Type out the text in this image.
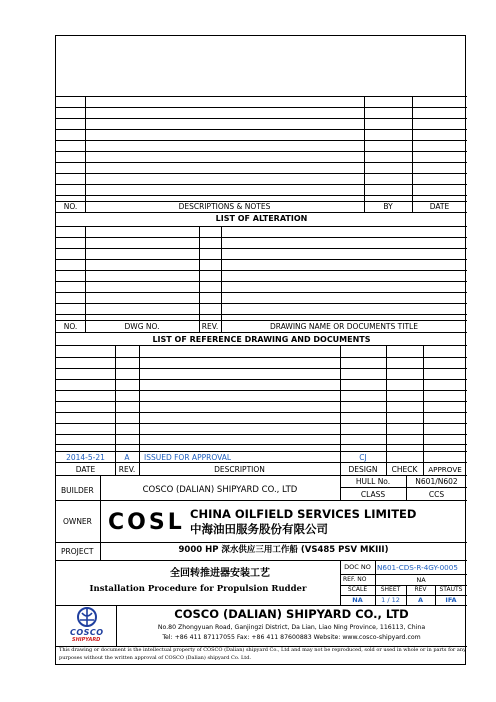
NO.	DESCRIPTIONS & NOTES	BY	DATE
LIST OF ALTERATION
NO.	DWG NO.	REV.	DRAWING NAME OR DOCUMENTS TITLE
LIST OF REFERENCE DRAWING AND DOCUMENTS
2014-5-21	A	ISSUED FOR APPROVAL	CJ
DATE	REV.	DESCRIPTION	DESIGN	CHECK	APPROVE
BUILDER	COSCO (DALIAN) SHIPYARD CO., LTD
HULL No.	N601/N602
CLASS	CCS
OWNER COSL CHINA OILFIELD SERVICES LIMITED
中海油田服务股份有限公司
PROJECT	9000 HP 深水供应三用工作船 (VS485 PSV MKIII)
全回转推进器安装工艺
Installation Procedure for Propulsion Rudder
DOC NO N601-CDS-R-4GY-0005
REF. NO	NA
SCALE	SHEET	REV	STAUTS
NA	1 / 12	A	IFA
COSCO
SHIPYARD
COSCO (DALIAN) SHIPYARD CO., LTD
No.80 Zhongyuan Road, Ganjingzi District, Da Lian, Liao Ning Province, 116113, China
Tel: +86 411 87117055 Fax: +86 411 87600883 Website: www.cosco-shipyard.com
This drawing or document is the intellectual property of COSCO (Dalian) shipyard Co., Ltd and may not be reproduced, sold or used in whole or in parts for any
purposes without the written approval of COSCO (Dalian) shipyard Co. Ltd.
